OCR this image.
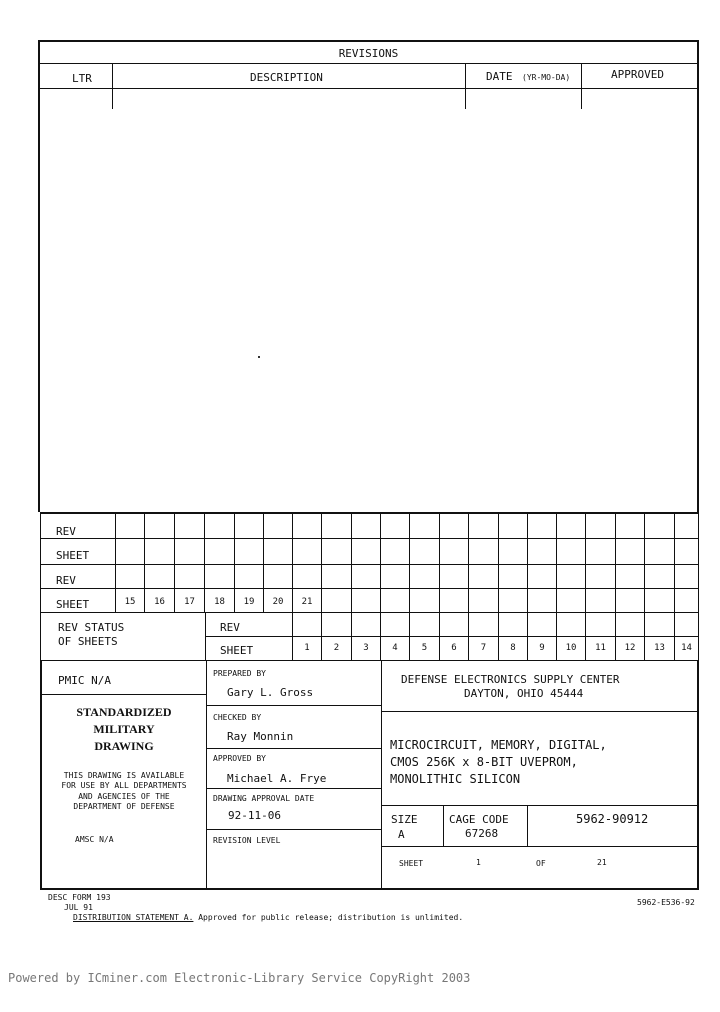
REVISIONS
LTR	DESCRIPTION	DATE (YR-MO-DA)	APPROVED
REV
SHEET
REV
SHEET	15	16	17	18	19	20	21
REV STATUS
OF SHEETS
REV
SHEET	1	2	3	4	5	6	7	8	9	10	11	12	13	14
PMIC N/A
STANDARDIZED
MILITARY
DRAWING
THIS DRAWING IS AVAILABLE
FOR USE BY ALL DEPARTMENTS
AND AGENCIES OF THE
DEPARTMENT OF DEFENSE
AMSC N/A
PREPARED BY
Gary L. Gross
CHECKED BY
Ray Monnin
APPROVED BY
Michael A. Frye
DRAWING APPROVAL DATE
92-11-06
REVISION LEVEL
DEFENSE ELECTRONICS SUPPLY CENTER
DAYTON, OHIO 45444
MICROCIRCUIT, MEMORY, DIGITAL,
CMOS 256K x 8-BIT UVEPROM,
MONOLITHIC SILICON
SIZE
A
CAGE CODE
67268
5962-90912
SHEET	1	OF	21
DESC FORM 193
JUL 91
DISTRIBUTION STATEMENT A. Approved for public release; distribution is unlimited.
5962-E536-92
Powered by ICminer.com Electronic-Library Service CopyRight 2003
